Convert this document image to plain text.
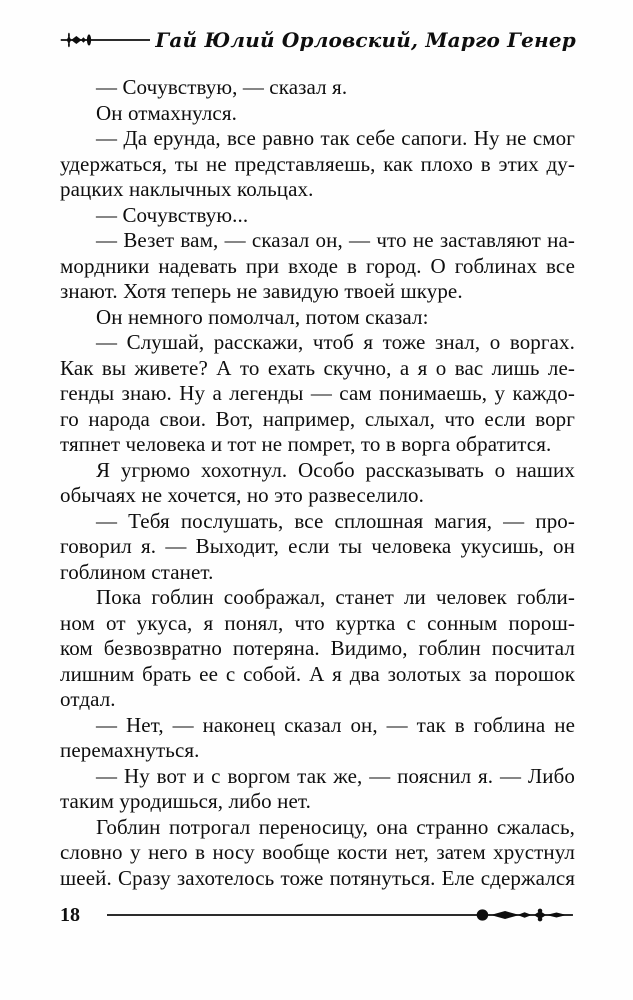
Гай Юлий Орловский, Марго Генер
— Сочувствую, — сказал я.
Он отмахнулся.
— Да ерунда, все равно так себе сапоги. Ну не смог
удержаться, ты не представляешь, как плохо в этих ду-
рацких наклычных кольцах.
— Сочувствую...
— Везет вам, — сказал он, — что не заставляют на-
мордники надевать при входе в город. О гоблинах все
знают. Хотя теперь не завидую твоей шкуре.
Он немного помолчал, потом сказал:
— Слушай, расскажи, чтоб я тоже знал, о воргах.
Как вы живете? А то ехать скучно, а я о вас лишь ле-
генды знаю. Ну а легенды — сам понимаешь, у каждо-
го народа свои. Вот, например, слыхал, что если ворг
тяпнет человека и тот не помрет, то в ворга обратится.
Я угрюмо хохотнул. Особо рассказывать о наших
обычаях не хочется, но это развеселило.
— Тебя послушать, все сплошная магия, — про-
говорил я. — Выходит, если ты человека укусишь, он
гоблином станет.
Пока гоблин соображал, станет ли человек гобли-
ном от укуса, я понял, что куртка с сонным порош-
ком безвозвратно потеряна. Видимо, гоблин посчитал
лишним брать ее с собой. А я два золотых за порошок
отдал.
— Нет, — наконец сказал он, — так в гоблина не
перемахнуться.
— Ну вот и с воргом так же, — пояснил я. — Либо
таким уродишься, либо нет.
Гоблин потрогал переносицу, она странно сжалась,
словно у него в носу вообще кости нет, затем хрустнул
шеей. Сразу захотелось тоже потянуться. Еле сдержался
18
